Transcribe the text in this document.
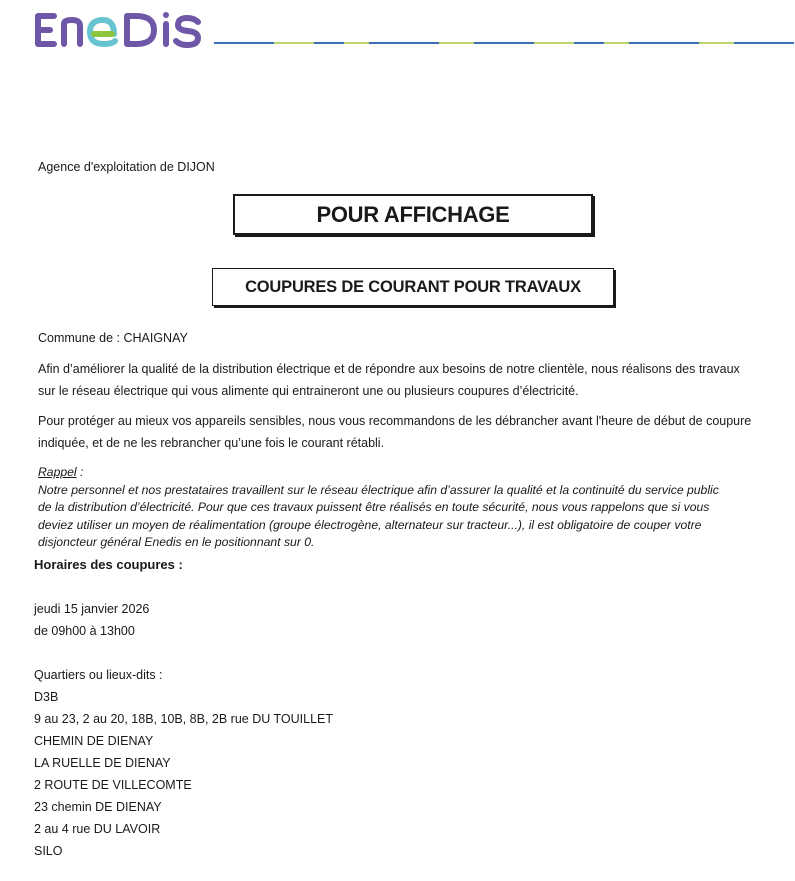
Agence d'exploitation de DIJON
POUR AFFICHAGE
COUPURES DE COURANT POUR TRAVAUX
Commune de : CHAIGNAY

Afin d’améliorer la qualité de la distribution électrique et de répondre aux besoins de notre clientèle, nous réalisons des travaux

sur le réseau électrique qui vous alimente qui entraineront une ou plusieurs coupures d’électricité.

Pour protéger au mieux vos appareils sensibles, nous vous recommandons de les débrancher avant l'heure de début de coupure

indiquée, et de ne les rebrancher qu’une fois le courant rétabli.

Rappel :
Notre personnel et nos prestataires travaillent sur le réseau électrique afin d’assurer la qualité et la continuité du service public
de la distribution d’électricité. Pour que ces travaux puissent être réalisés en toute sécurité, nous vous rappelons que si vous
deviez utiliser un moyen de réalimentation (groupe électrogène, alternateur sur tracteur...), il est obligatoire de couper votre
disjoncteur général Enedis en le positionnant sur 0.
Horaires des coupures :
jeudi 15 janvier 2026
de 09h00 à 13h00
Quartiers ou lieux-dits :
D3B
9 au 23, 2 au 20, 18B, 10B, 8B, 2B rue DU TOUILLET
CHEMIN DE DIENAY
LA RUELLE DE DIENAY
2 ROUTE DE VILLECOMTE
23 chemin DE DIENAY
2 au 4 rue DU LAVOIR
SILO
